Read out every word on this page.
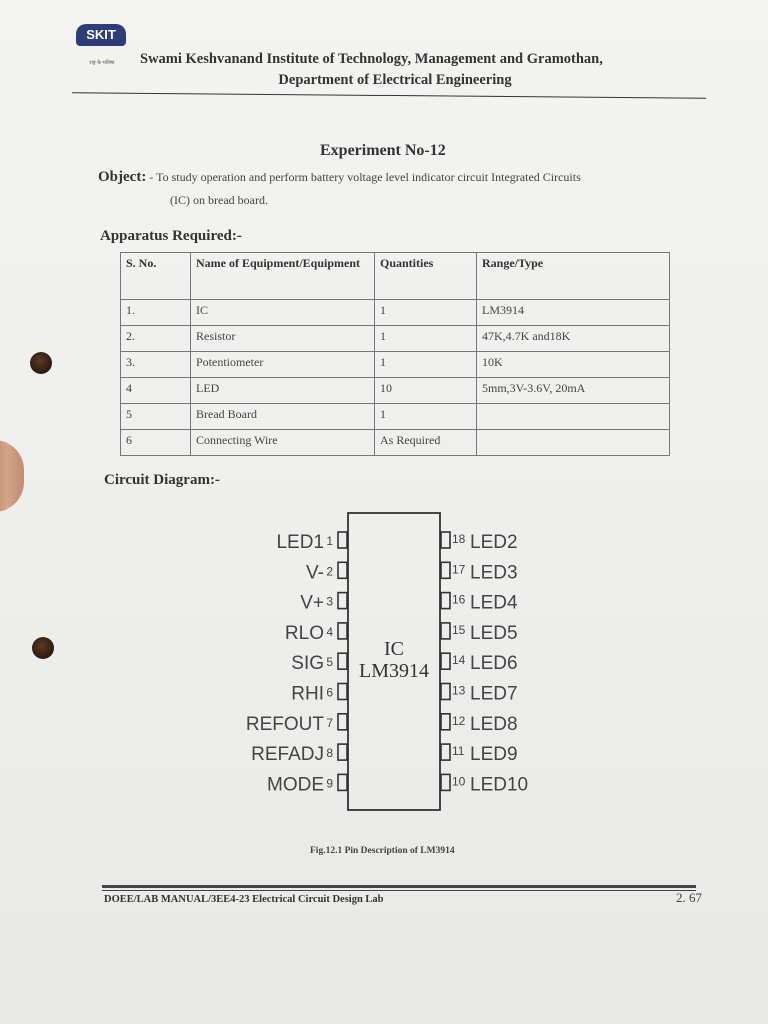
SKIT
राष्ट्र के भविष्य	Swami Keshvanand Institute of Technology, Management and Gramothan,
Department of Electrical Engineering
Experiment No-12
Object: - To study operation and perform battery voltage level indicator circuit Integrated Circuits
(IC) on bread board.
Apparatus Required:-
S. No.	Name of Equipment/Equipment	Quantities	Range/Type
1.	IC	1	LM3914
2.	Resistor	1	47K,4.7K and18K
3.	Potentiometer	1	10K
4	LED	10	5mm,3V-3.6V, 20mA
5	Bread Board	1	
6	Connecting Wire	As Required	
Circuit Diagram:-
IC
LM3914
1
LED1
2
V-
3
V+
4
RLO
5
SIG
6
RHI
7
REFOUT
8
REFADJ
9
MODE
18 LED2
17 LED3
16 LED4
15 LED5
14 LED6
13 LED7
12 LED8
11 LED9
10 LED10
Fig.12.1 Pin Description of LM3914
DOEE/LAB MANUAL/3EE4-23 Electrical Circuit Design Lab	2. 67
